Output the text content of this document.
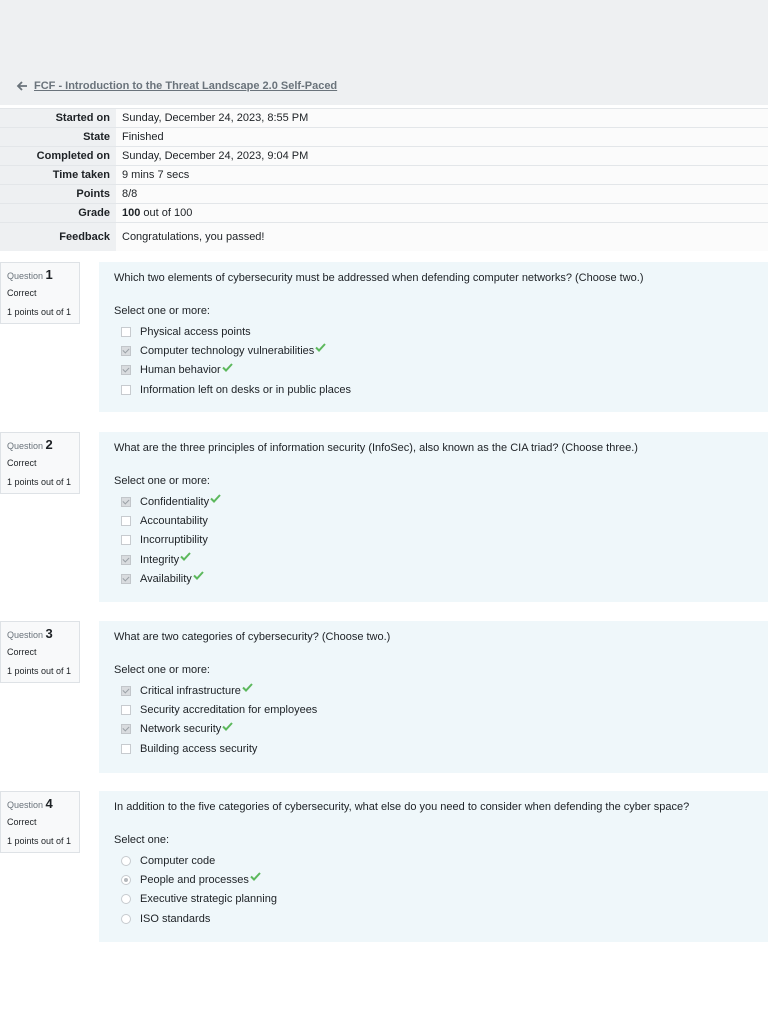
FCF - Introduction to the Threat Landscape 2.0 Self-Paced
Started on	Sunday, December 24, 2023, 8:55 PM
State	Finished
Completed on	Sunday, December 24, 2023, 9:04 PM
Time taken	9 mins 7 secs
Points	8/8
Grade	100 out of 100
Feedback	Congratulations, you passed!
Question 1
Correct
1 points out of 1
Which two elements of cybersecurity must be addressed when defending computer networks? (Choose two.)
Select one or more:
Physical access points
Computer technology vulnerabilities
Human behavior
Information left on desks or in public places
Question 2
Correct
1 points out of 1
What are the three principles of information security (InfoSec), also known as the CIA triad? (Choose three.)
Select one or more:
Confidentiality
Accountability
Incorruptibility
Integrity
Availability
Question 3
Correct
1 points out of 1
What are two categories of cybersecurity? (Choose two.)
Select one or more:
Critical infrastructure
Security accreditation for employees
Network security
Building access security
Question 4
Correct
1 points out of 1
In addition to the five categories of cybersecurity, what else do you need to consider when defending the cyber space?
Select one:
Computer code
People and processes
Executive strategic planning
ISO standards
